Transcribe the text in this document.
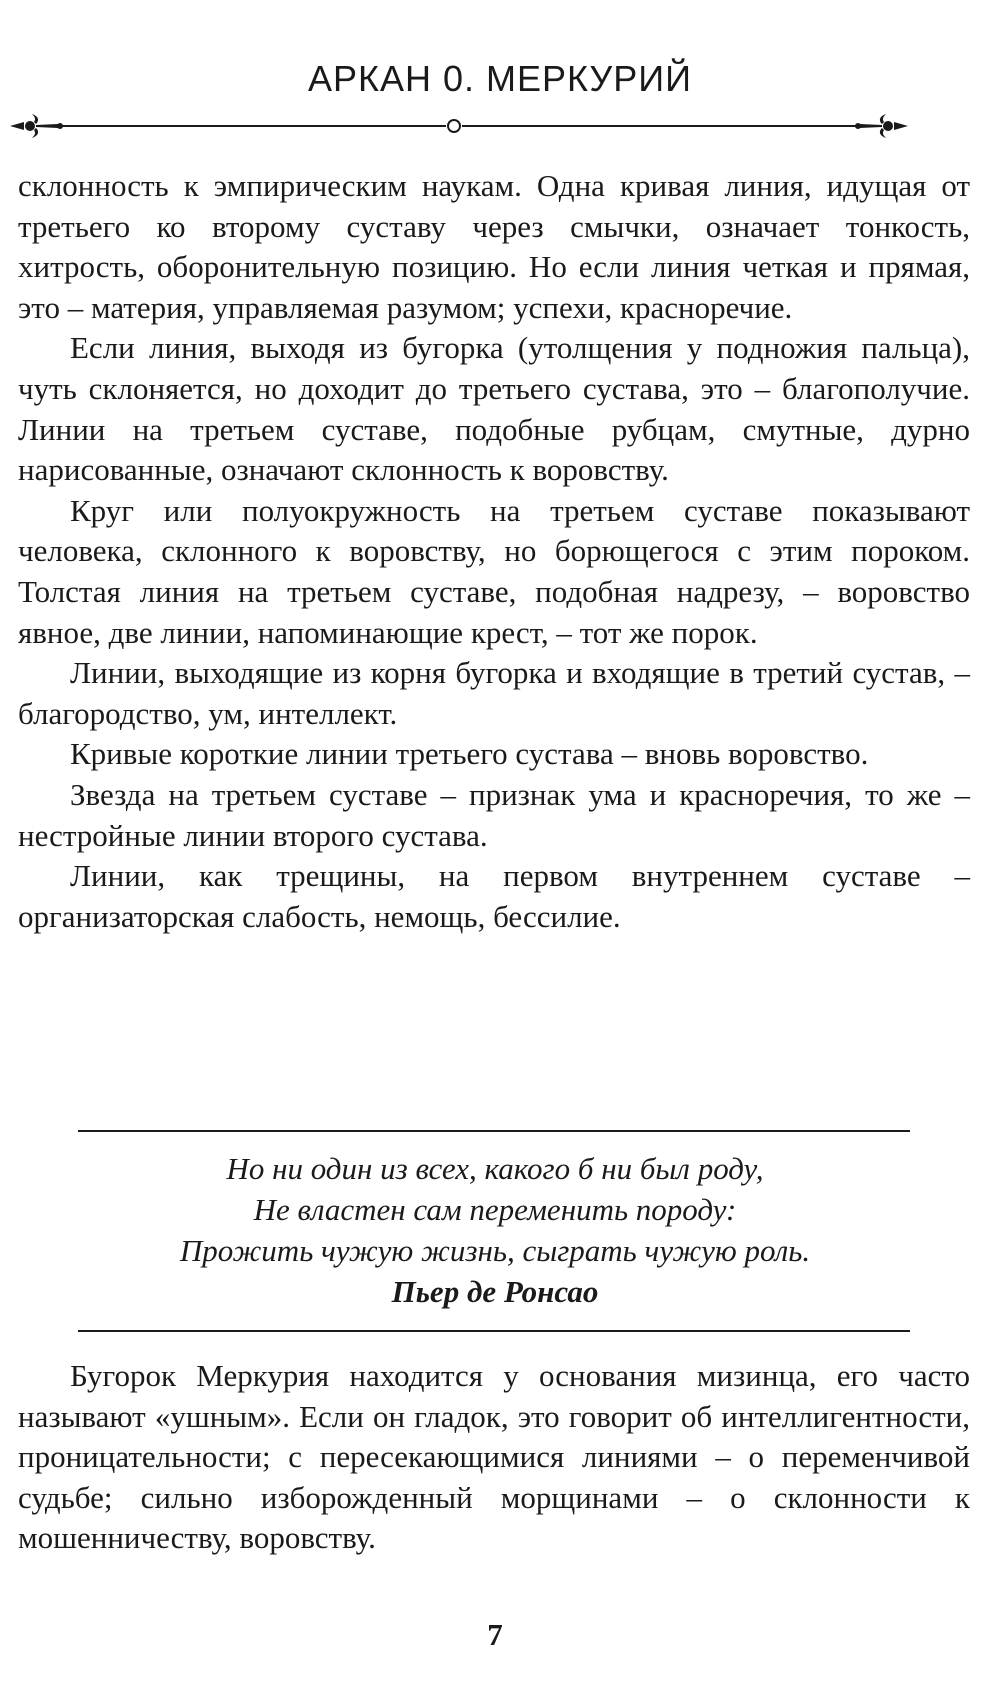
АРКАН 0. МЕРКУРИЙ

склонность к эмпирическим наукам. Одна кривая линия, идущая от третьего ко второму суставу через смычки, означает тонкость, хитрость, оборонительную позицию. Но если линия четкая и прямая, это – материя, управляемая разумом; успехи, красноречие.

Если линия, выходя из бугорка (утолщения у подножия пальца), чуть склоняется, но доходит до третьего сустава, это – благополучие. Линии на третьем суставе, подобные рубцам, смутные, дурно нарисованные, означают склонность к воровству.

Круг или полуокружность на третьем суставе показывают человека, склонного к воровству, но борющегося с этим пороком. Толстая линия на третьем суставе, подобная надрезу, – воровство явное, две линии, напоминающие крест, – тот же порок.

Линии, выходящие из корня бугорка и входящие в третий сустав, – благородство, ум, интеллект.

Кривые короткие линии третьего сустава – вновь воровство.

Звезда на третьем суставе – признак ума и красноречия, то же – нестройные линии второго сустава.

Линии, как трещины, на первом внутреннем суставе – организаторская слабость, немощь, бессилие.

Но ни один из всех, какого б ни был роду,
Не властен сам переменить породу:
Прожить чужую жизнь, сыграть чужую роль.
Пьер де Ронсао

Бугорок Меркурия находится у основания мизинца, его часто называют «ушным». Если он гладок, это говорит об интеллигентности, проницательности; с пересекающимися линиями – о переменчивой судьбе; сильно изборожденный морщинами – о склонности к мошенничеству, воровству.

7
